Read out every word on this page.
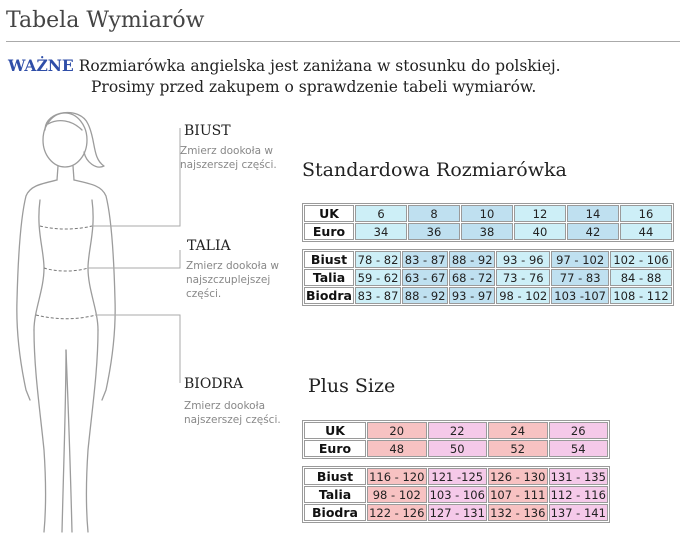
Tabela Wymiarów
WAŻNE Rozmiarówka angielska jest zaniżana w stosunku do polskiej.
Prosimy przed zakupem o sprawdzenie tabeli wymiarów.
BIUST
Zmierz dookoła w
najszerszej części.
TALIA
Zmierz dookoła w
najszczuplejszej
części.
BIODRA
Zmierz dookoła
najszerszej części.
Standardowa Rozmiarówka
UK	6	8	10	12	14	16
Euro	34	36	38	40	42	44
Biust	78 - 82	83 - 87	88 - 92	93 - 96	97 - 102	102 - 106
Talia	59 - 62	63 - 67	68 - 72	73 - 76	77 - 83	84 - 88
Biodra	83 - 87	88 - 92	93 - 97	98 - 102	103 -107	108 - 112
Plus Size
UK	20	22	24	26
Euro	48	50	52	54
Biust	116 - 120	121 -125	126 - 130	131 - 135
Talia	98 - 102	103 - 106	107 - 111	112 - 116
Biodra	122 - 126	127 - 131	132 - 136	137 - 141
